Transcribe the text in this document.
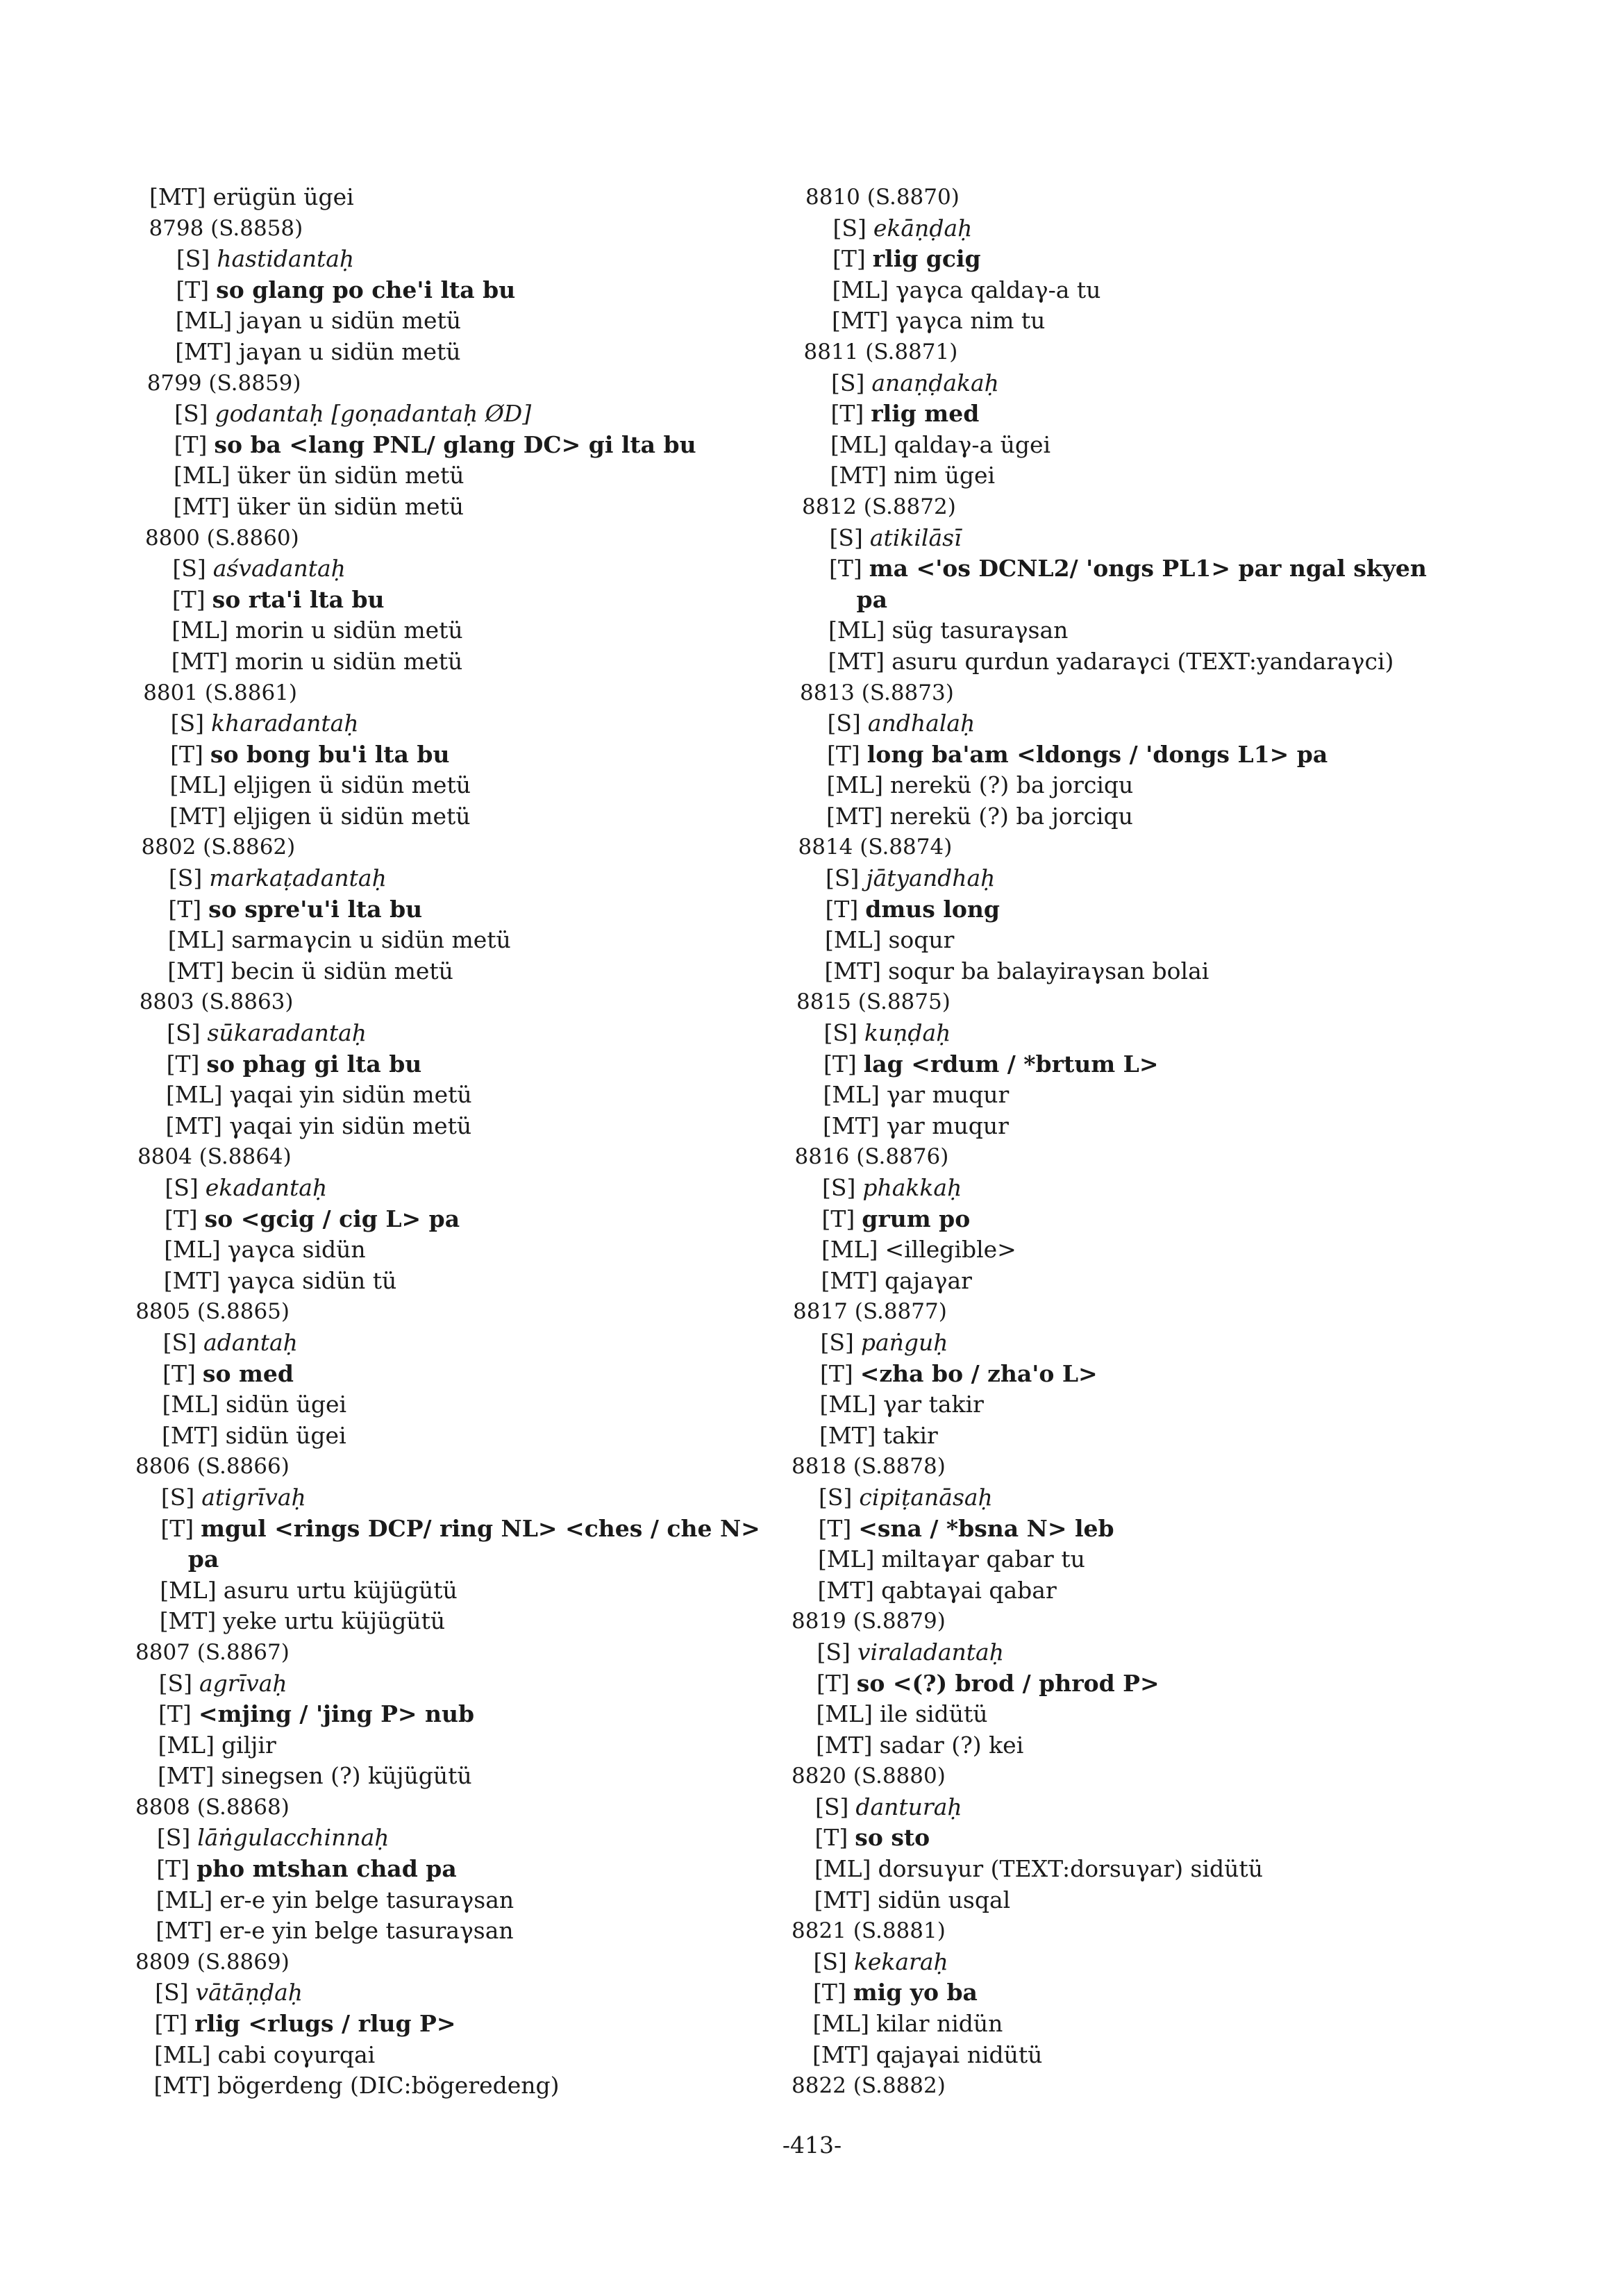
[MT] erügün ügei
8798 (S.8858)
[S] hastidantaḥ
[T] so glang po che'i lta bu
[ML] jaγan u sidün metü
[MT] jaγan u sidün metü
8799 (S.8859)
[S] godantaḥ [goṇadantaḥ ØD]
[T] so ba <lang PNL/ glang DC> gi lta bu
[ML] üker ün sidün metü
[MT] üker ün sidün metü
8800 (S.8860)
[S] aśvadantaḥ
[T] so rta'i lta bu
[ML] morin u sidün metü
[MT] morin u sidün metü
8801 (S.8861)
[S] kharadantaḥ
[T] so bong bu'i lta bu
[ML] eljigen ü sidün metü
[MT] eljigen ü sidün metü
8802 (S.8862)
[S] markaṭadantaḥ
[T] so spre'u'i lta bu
[ML] sarmaγcin u sidün metü
[MT] becin ü sidün metü
8803 (S.8863)
[S] sūkaradantaḥ
[T] so phag gi lta bu
[ML] γaqai yin sidün metü
[MT] γaqai yin sidün metü
8804 (S.8864)
[S] ekadantaḥ
[T] so <gcig / cig L> pa
[ML] γaγca sidün
[MT] γaγca sidün tü
8805 (S.8865)
[S] adantaḥ
[T] so med
[ML] sidün ügei
[MT] sidün ügei
8806 (S.8866)
[S] atigrīvaḥ
[T] mgul <rings DCP/ ring NL> <ches / che N>
pa
[ML] asuru urtu küjügütü
[MT] yeke urtu küjügütü
8807 (S.8867)
[S] agrīvaḥ
[T] <mjing / 'jing P> nub
[ML] giljir
[MT] sinegsen (?) küjügütü
8808 (S.8868)
[S] lāṅgulacchinnaḥ
[T] pho mtshan chad pa
[ML] er-e yin belge tasuraγsan
[MT] er-e yin belge tasuraγsan
8809 (S.8869)
[S] vātāṇḍaḥ
[T] rlig <rlugs / rlug P>
[ML] cabi coγurqai
[MT] bögerdeng (DIC:bögeredeng)
8810 (S.8870)
[S] ekāṇḍaḥ
[T] rlig gcig
[ML] γaγca qaldaγ-a tu
[MT] γaγca nim tu
8811 (S.8871)
[S] anaṇḍakaḥ
[T] rlig med
[ML] qaldaγ-a ügei
[MT] nim ügei
8812 (S.8872)
[S] atikilāsī
[T] ma <'os DCNL2/ 'ongs PL1> par ngal skyen
pa
[ML] süg tasuraγsan
[MT] asuru qurdun yadaraγci (TEXT:yandaraγci)
8813 (S.8873)
[S] andhalaḥ
[T] long ba'am <ldongs / 'dongs L1> pa
[ML] nerekü (?) ba jorciqu
[MT] nerekü (?) ba jorciqu
8814 (S.8874)
[S] jātyandhaḥ
[T] dmus long
[ML] soqur
[MT] soqur ba balayiraγsan bolai
8815 (S.8875)
[S] kuṇḍaḥ
[T] lag <rdum / *brtum L>
[ML] γar muqur
[MT] γar muqur
8816 (S.8876)
[S] phakkaḥ
[T] grum po
[ML] <illegible>
[MT] qajaγar
8817 (S.8877)
[S] paṅguḥ
[T] <zha bo / zha'o L>
[ML] γar takir
[MT] takir
8818 (S.8878)
[S] cipiṭanāsaḥ
[T] <sna / *bsna N> leb
[ML] miltaγar qabar tu
[MT] qabtaγai qabar
8819 (S.8879)
[S] viraladantaḥ
[T] so <(?) brod / phrod P>
[ML] ile sidütü
[MT] sadar (?) kei
8820 (S.8880)
[S] danturaḥ
[T] so sto
[ML] dorsuγur (TEXT:dorsuγar) sidütü
[MT] sidün usqal
8821 (S.8881)
[S] kekaraḥ
[T] mig yo ba
[ML] kilar nidün
[MT] qajaγai nidütü
8822 (S.8882)
-413-
